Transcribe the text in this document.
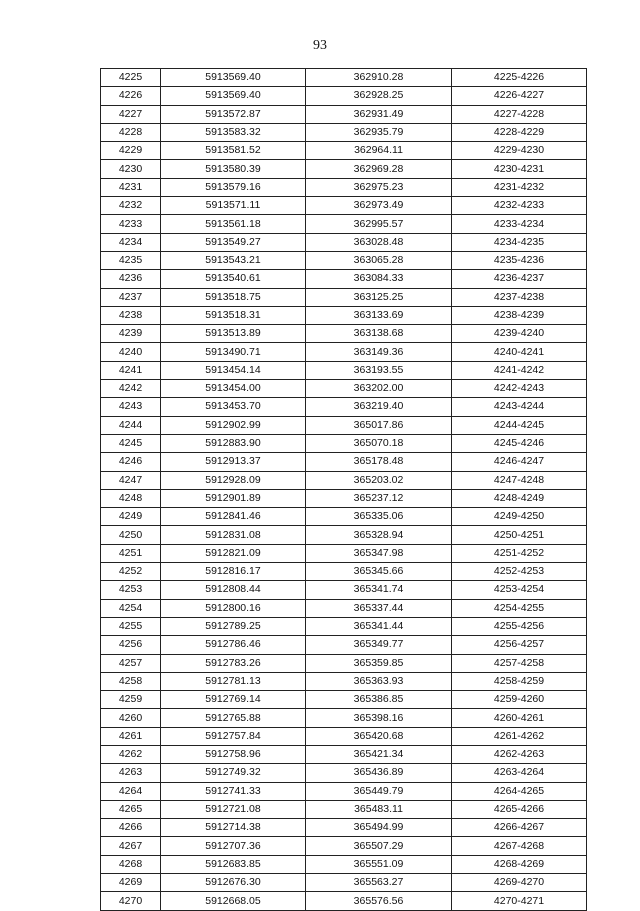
93
4225	5913569.40	362910.28	4225-4226
4226	5913569.40	362928.25	4226-4227
4227	5913572.87	362931.49	4227-4228
4228	5913583.32	362935.79	4228-4229
4229	5913581.52	362964.11	4229-4230
4230	5913580.39	362969.28	4230-4231
4231	5913579.16	362975.23	4231-4232
4232	5913571.11	362973.49	4232-4233
4233	5913561.18	362995.57	4233-4234
4234	5913549.27	363028.48	4234-4235
4235	5913543.21	363065.28	4235-4236
4236	5913540.61	363084.33	4236-4237
4237	5913518.75	363125.25	4237-4238
4238	5913518.31	363133.69	4238-4239
4239	5913513.89	363138.68	4239-4240
4240	5913490.71	363149.36	4240-4241
4241	5913454.14	363193.55	4241-4242
4242	5913454.00	363202.00	4242-4243
4243	5913453.70	363219.40	4243-4244
4244	5912902.99	365017.86	4244-4245
4245	5912883.90	365070.18	4245-4246
4246	5912913.37	365178.48	4246-4247
4247	5912928.09	365203.02	4247-4248
4248	5912901.89	365237.12	4248-4249
4249	5912841.46	365335.06	4249-4250
4250	5912831.08	365328.94	4250-4251
4251	5912821.09	365347.98	4251-4252
4252	5912816.17	365345.66	4252-4253
4253	5912808.44	365341.74	4253-4254
4254	5912800.16	365337.44	4254-4255
4255	5912789.25	365341.44	4255-4256
4256	5912786.46	365349.77	4256-4257
4257	5912783.26	365359.85	4257-4258
4258	5912781.13	365363.93	4258-4259
4259	5912769.14	365386.85	4259-4260
4260	5912765.88	365398.16	4260-4261
4261	5912757.84	365420.68	4261-4262
4262	5912758.96	365421.34	4262-4263
4263	5912749.32	365436.89	4263-4264
4264	5912741.33	365449.79	4264-4265
4265	5912721.08	365483.11	4265-4266
4266	5912714.38	365494.99	4266-4267
4267	5912707.36	365507.29	4267-4268
4268	5912683.85	365551.09	4268-4269
4269	5912676.30	365563.27	4269-4270
4270	5912668.05	365576.56	4270-4271
